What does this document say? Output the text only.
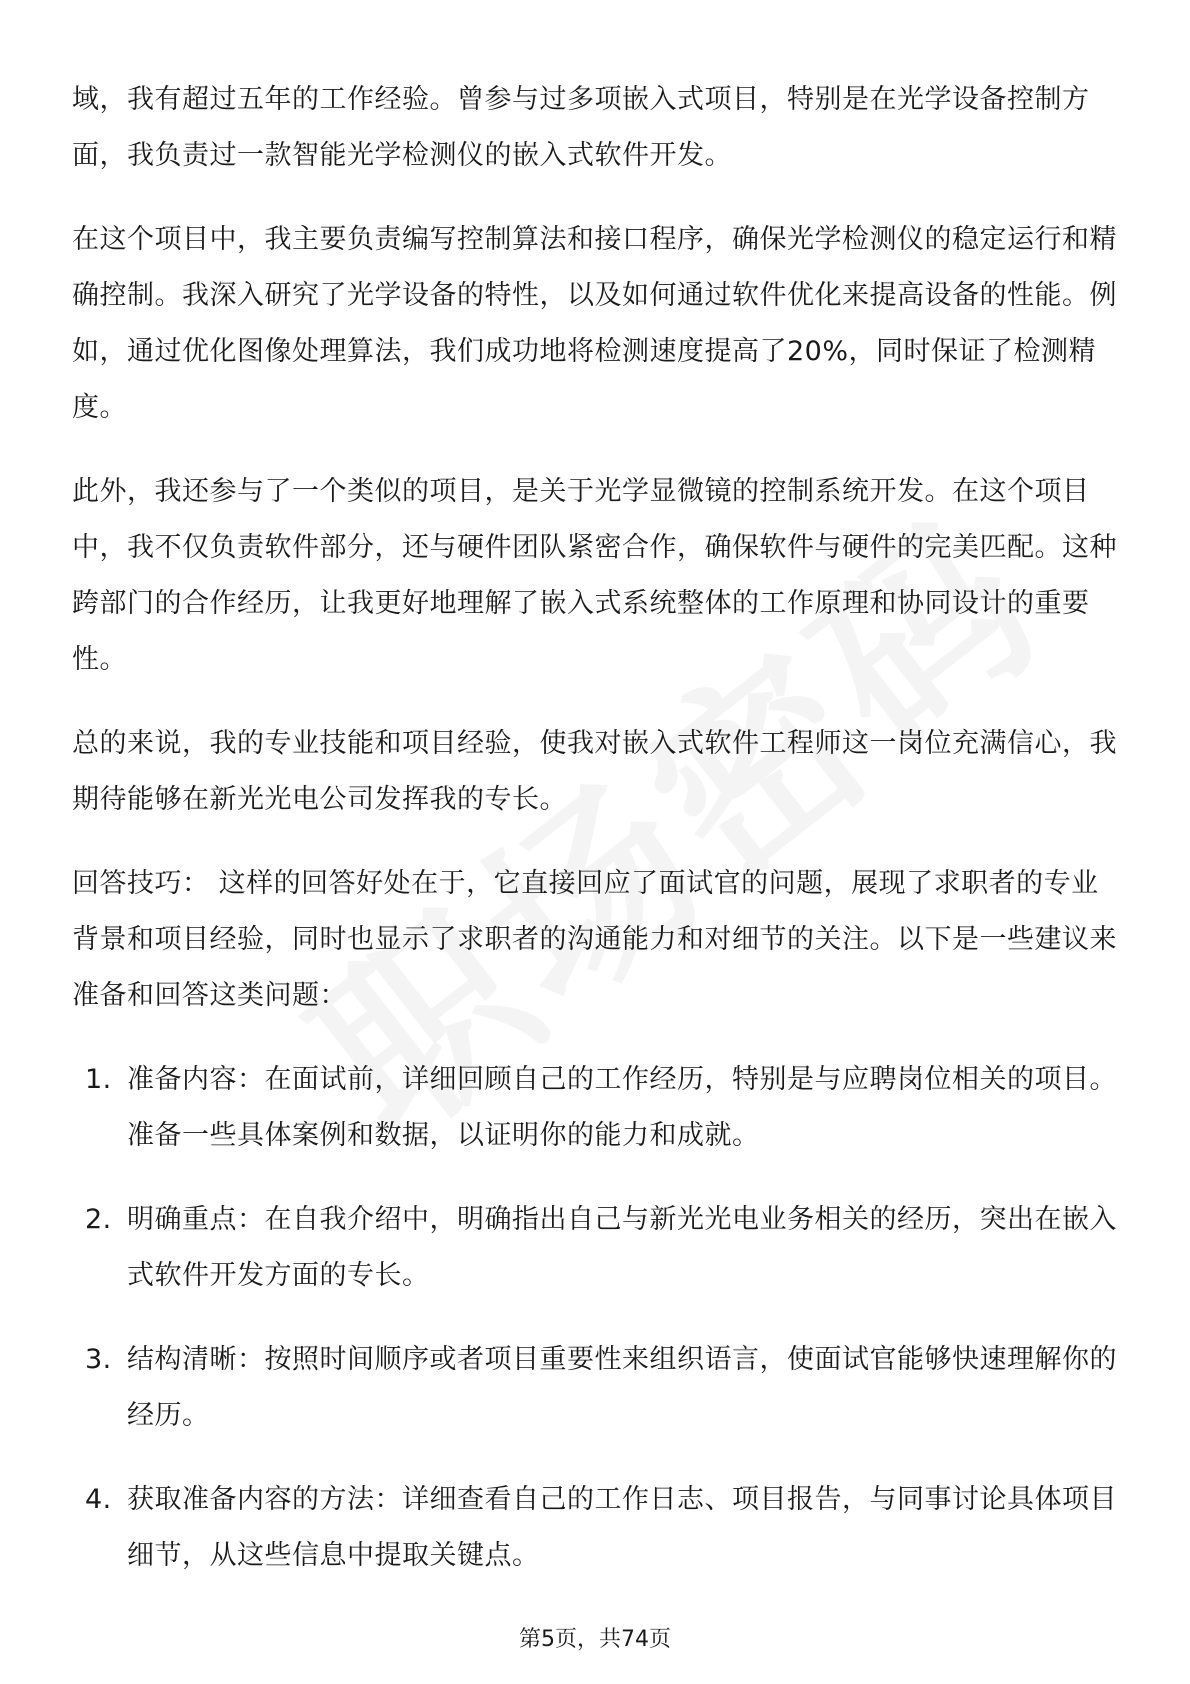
域，我有超过五年的工作经验。曾参与过多项嵌入式项目，特别是在光学设备控制方面，我负责过一款智能光学检测仪的嵌入式软件开发。

在这个项目中，我主要负责编写控制算法和接口程序，确保光学检测仪的稳定运行和精确控制。我深入研究了光学设备的特性，以及如何通过软件优化来提高设备的性能。例如，通过优化图像处理算法，我们成功地将检测速度提高了20%，同时保证了检测精度。

此外，我还参与了一个类似的项目，是关于光学显微镜的控制系统开发。在这个项目中，我不仅负责软件部分，还与硬件团队紧密合作，确保软件与硬件的完美匹配。这种跨部门的合作经历，让我更好地理解了嵌入式系统整体的工作原理和协同设计的重要性。

总的来说，我的专业技能和项目经验，使我对嵌入式软件工程师这一岗位充满信心，我期待能够在新光光电公司发挥我的专长。

回答技巧： 这样的回答好处在于，它直接回应了面试官的问题，展现了求职者的专业背景和项目经验，同时也显示了求职者的沟通能力和对细节的关注。以下是一些建议来准备和回答这类问题：

1. 准备内容：在面试前，详细回顾自己的工作经历，特别是与应聘岗位相关的项目。准备一些具体案例和数据，以证明你的能力和成就。
2. 明确重点：在自我介绍中，明确指出自己与新光光电业务相关的经历，突出在嵌入式软件开发方面的专长。
3. 结构清晰：按照时间顺序或者项目重要性来组织语言，使面试官能够快速理解你的经历。
4. 获取准备内容的方法：详细查看自己的工作日志、项目报告，与同事讨论具体项目细节，从这些信息中提取关键点。
第5页，共74页
